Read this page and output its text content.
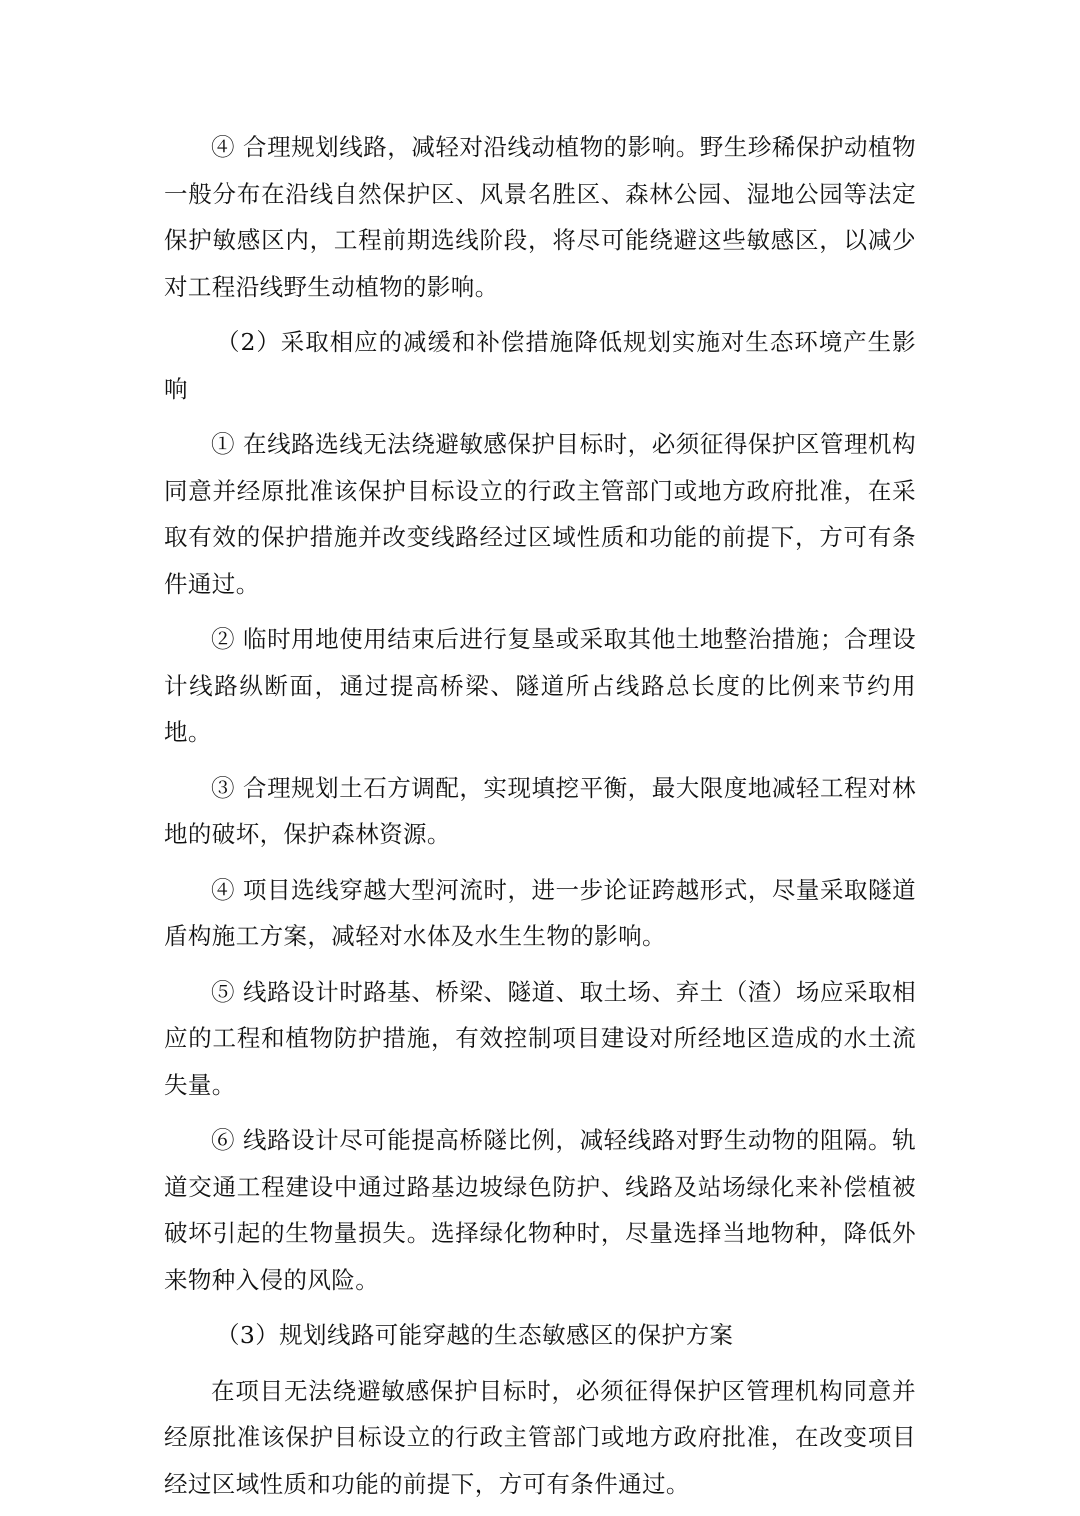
④ 合理规划线路，减轻对沿线动植物的影响。野生珍稀保护动植物一般分布在沿线自然保护区、风景名胜区、森林公园、湿地公园等法定保护敏感区内，工程前期选线阶段，将尽可能绕避这些敏感区，以减少对工程沿线野生动植物的影响。

（2）采取相应的减缓和补偿措施降低规划实施对生态环境产生影响

① 在线路选线无法绕避敏感保护目标时，必须征得保护区管理机构同意并经原批准该保护目标设立的行政主管部门或地方政府批准，在采取有效的保护措施并改变线路经过区域性质和功能的前提下，方可有条件通过。

② 临时用地使用结束后进行复垦或采取其他土地整治措施；合理设计线路纵断面，通过提高桥梁、隧道所占线路总长度的比例来节约用地。

③ 合理规划土石方调配，实现填挖平衡，最大限度地减轻工程对林地的破坏，保护森林资源。

④ 项目选线穿越大型河流时，进一步论证跨越形式，尽量采取隧道盾构施工方案，减轻对水体及水生生物的影响。

⑤ 线路设计时路基、桥梁、隧道、取土场、弃土（渣）场应采取相应的工程和植物防护措施，有效控制项目建设对所经地区造成的水土流失量。

⑥ 线路设计尽可能提高桥隧比例，减轻线路对野生动物的阻隔。轨道交通工程建设中通过路基边坡绿色防护、线路及站场绿化来补偿植被破坏引起的生物量损失。选择绿化物种时，尽量选择当地物种，降低外来物种入侵的风险。

（3）规划线路可能穿越的生态敏感区的保护方案

在项目无法绕避敏感保护目标时，必须征得保护区管理机构同意并经原批准该保护目标设立的行政主管部门或地方政府批准，在改变项目经过区域性质和功能的前提下，方可有条件通过。
